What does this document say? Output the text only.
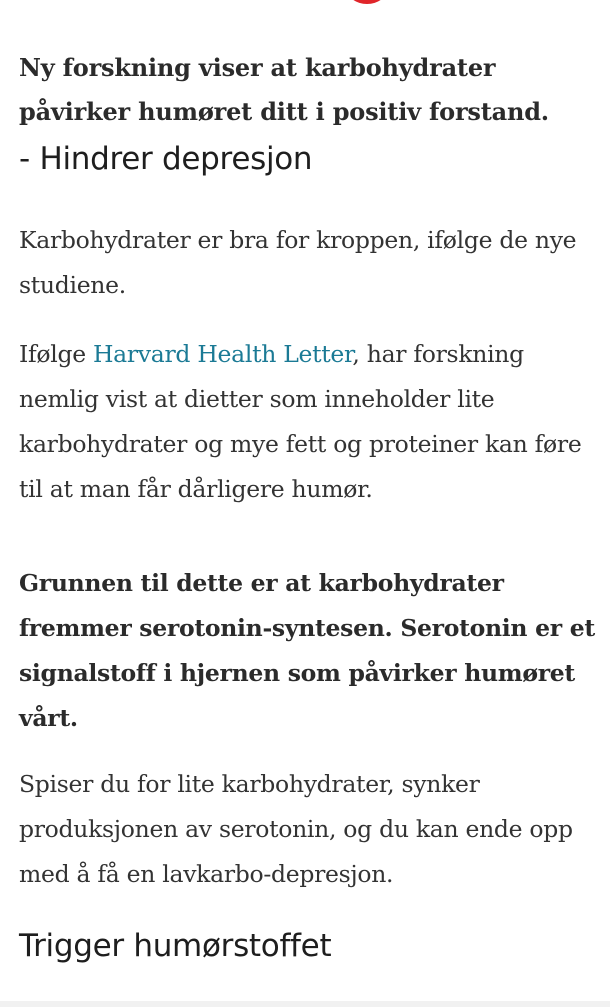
Ny forskning viser at karbohydrater påvirker humøret ditt i positiv forstand.

- Hindrer depresjon

Karbohydrater er bra for kroppen, ifølge de nye studiene.

Ifølge Harvard Health Letter, har forskning nemlig vist at dietter som inneholder lite karbohydrater og mye fett og proteiner kan føre til at man får dårligere humør.

Grunnen til dette er at karbohydrater fremmer serotonin-syntesen. Serotonin er et signalstoff i hjernen som påvirker humøret vårt.

Spiser du for lite karbohydrater, synker produksjonen av serotonin, og du kan ende opp med å få en lavkarbo-depresjon.

Trigger humørstoffet
